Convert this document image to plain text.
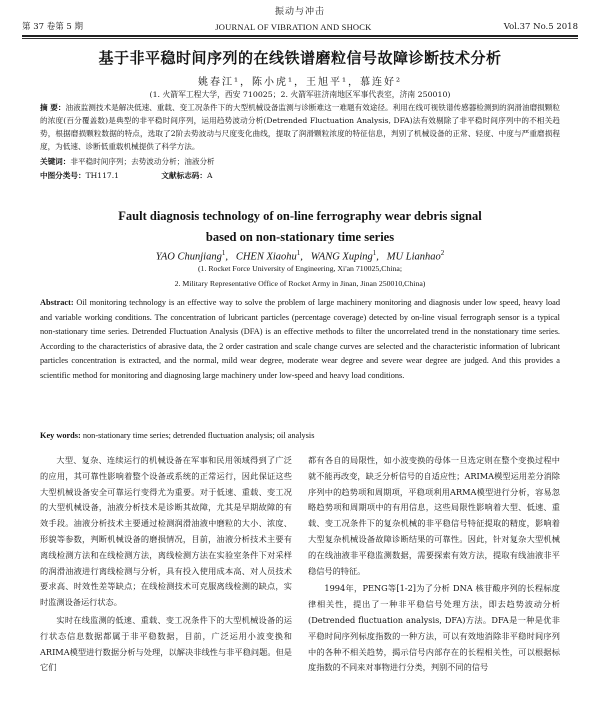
振动与冲击
第 37 卷第 5 期	JOURNAL OF VIBRATION AND SHOCK	Vol.37 No.5 2018
基于非平稳时间序列的在线铁谱磨粒信号故障诊断技术分析
姚春江¹，陈小虎¹，王旭平¹，慕连好²
(1. 火箭军工程大学，西安 710025；2. 火箭军驻济南地区军事代表室，济南 250010)
摘 要：油液监测技术是解决低速、重载、变工况条件下的大型机械设备监测与诊断难这一难题有效途径。利用在线可视铁谱传感器检测到的润滑油磨损颗粒的浓度(百分覆盖数)是典型的非平稳时间序列，运用趋势波动分析(Detrended Fluctuation Analysis, DFA)法有效剔除了非平稳时间序列中的不相关趋势，根据磨损颗粒数据的特点，选取了2阶去势波动与尺度变化曲线，提取了润滑颗粒浓度的特征信息，判别了机械设备的正常、轻度、中度与严重磨损程度，为低速、诊断低重载机械提供了科学方法。
关键词：非平稳时间序列；去势波动分析；油液分析
中图分类号：TH117.1	文献标志码：A
Fault diagnosis technology of on-line ferrography wear debris signal
based on non-stationary time series
YAO Chunjiang$^1$,   CHEN Xiaohu$^1$,   WANG Xuping$^1$,   MU Lianhao$^2$
(1. Rocket Force University of Engineering, Xi'an 710025,China;
2. Military Representative Office of Rocket Army in Jinan, Jinan 250010,China)
Abstract: Oil monitoring technology is an effective way to solve the problem of large machinery monitoring and diagnosis under low speed, heavy load and variable working conditions. The concentration of lubricant particles (percentage coverage) detected by on-line visual ferrograph sensor is a typical non-stationary time series. Detrended Fluctuation Analysis (DFA) is an effective methods to filter the uncorrelated trend in the nonstationary time series. According to the characteristics of abrasive data, the 2 order castration and scale change curves are selected and the characteristic information of lubricant particles concentration is extracted, and the normal, mild wear degree, moderate wear degree and severe wear degree are judged. And this provides a scientific method for monitoring and diagnosing large machinery under low-speed and heavy load conditions.
Key words: non-stationary time series; detrended fluctuation analysis; oil analysis

大型、复杂、连续运行的机械设备在军事和民用领域得到了广泛的应用，其可靠性影响着整个设备或系统的正常运行，因此保证这些大型机械设备安全可靠运行变得尤为重要。对于低速、重载、变工况的大型机械设备，油液分析技术是诊断其故障，尤其是早期故障的有效手段。油液分析技术主要通过检测润滑油液中磨粒的大小、浓度、形貌等参数，判断机械设备的磨损情况，目前，油液分析技术主要有离线检测方法和在线检测方法，离线检测方法在实验室条件下对采样的润滑油液进行离线检测与分析，具有投入使用成本高、对人员技术要求高、时效性差等缺点；在线检测技术可克服离线检测的缺点，实时监测设备运行状态。

实时在线监测的低速、重载、变工况条件下的大型机械设备的运行状态信息数据都属于非平稳数据，目前，广泛运用小波变换和ARIMA模型进行数据分析与处理，以解决非线性与非平稳问题。但是它们

都有各自的局限性，如小波变换的母体一旦选定则在整个变换过程中就不能再改变，缺乏分析信号的自适应性；ARIMA模型运用差分消除序列中的趋势项和周期项，平稳项利用ARMA模型进行分析，容易忽略趋势项和周期项中的有用信息，这些局限性影响着大型、低速、重载、变工况条件下的复杂机械的非平稳信号特征提取的精度，影响着大型复杂机械设备故障诊断结果的可靠性。因此，针对复杂大型机械的在线油液非平稳监测数据，需要探索有效方法，提取有线油液非平稳信号的特征。

1994年，PENG等[1-2]为了分析 DNA 核苷酸序列的长程标度律相关性，提出了一种非平稳信号处理方法，即去趋势波动分析(Detrended fluctuation analysis, DFA)方法。DFA是一种是优非平稳时间序列标度指数的一种方法，可以有效地消除非平稳时间序列中的各种不相关趋势，揭示信号内部存在的长程相关性，可以根据标度指数的不同来对事物进行分类，判别不同的信号
